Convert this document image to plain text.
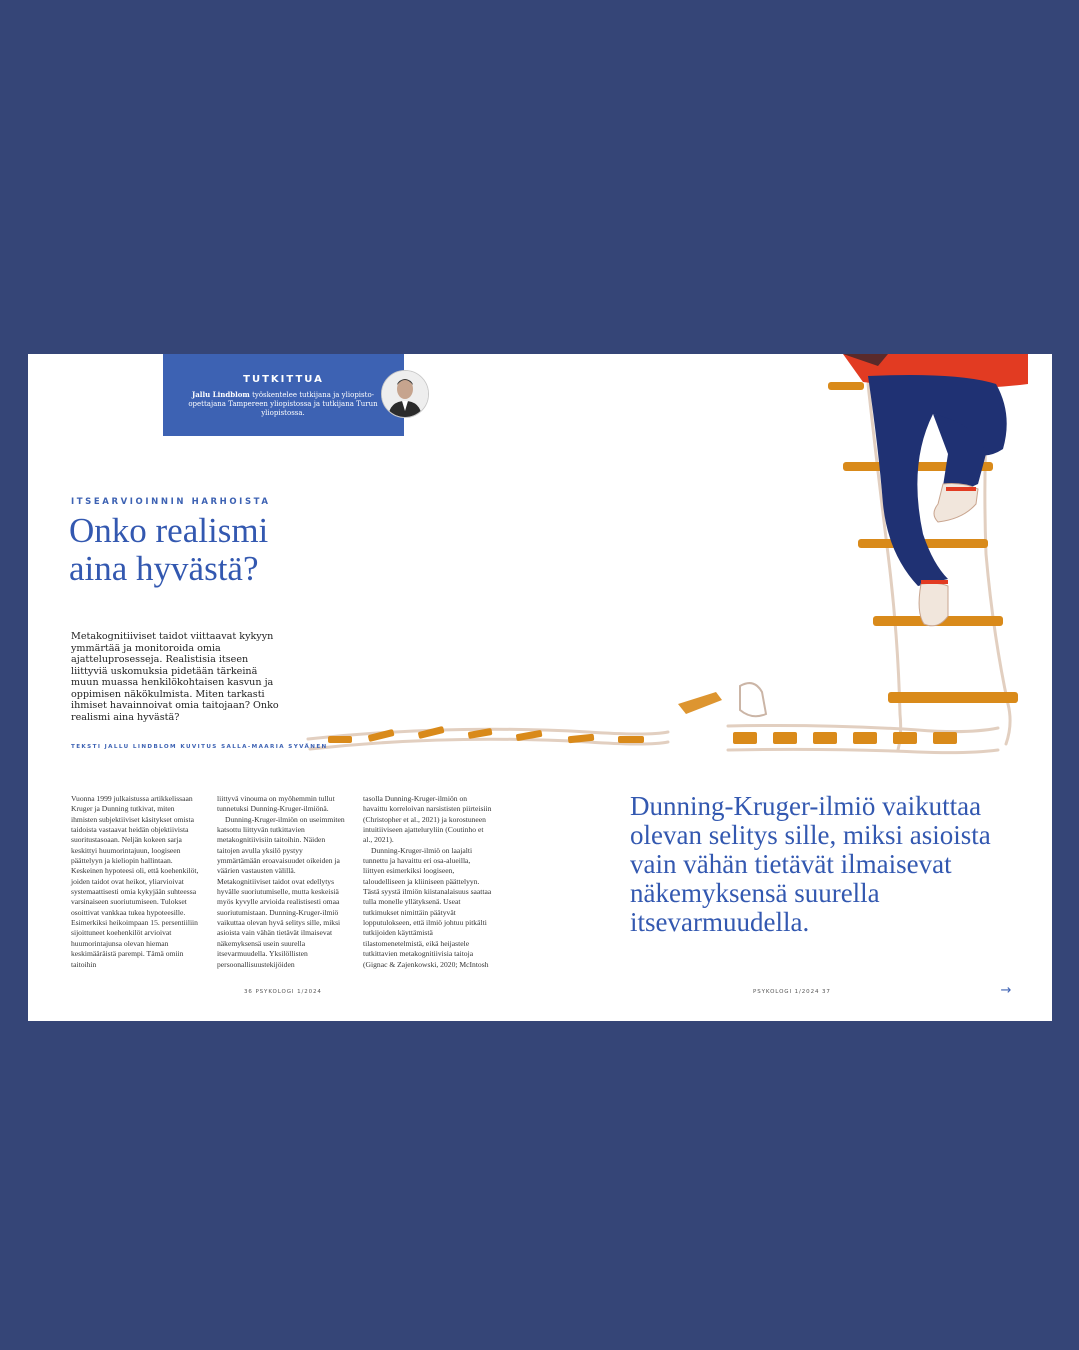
TUTKITTUA
Jallu Lindblom työskentelee tutkijana ja yliopisto-opettajana Tampereen yliopistossa ja tutkijana Turun yliopistossa.
ITSEARVIOINNIN HARHOISTA
Onko realismi
aina hyvästä?
Metakognitiiviset taidot viittaavat kykyyn ymmärtää ja monitoroida omia ajatteluprosesseja. Realistisia itseen liittyviä uskomuksia pidetään tärkeinä muun muassa henkilökohtaisen kasvun ja oppimisen näkökulmista. Miten tarkasti ihmiset havainnoivat omia taitojaan? Onko realismi aina hyvästä?
TEKSTI JALLU LINDBLOM KUVITUS SALLA-MAARIA SYVÄNEN

Vuonna 1999 julkaistussa artikkelissaan Kruger ja Dunning tutkivat, miten ihmisten subjektiiviset käsitykset omista taidoista vastaavat heidän objektiivista suoritustasoaan. Neljän kokeen sarja keskittyi huumorintajuun, loogiseen päättelyyn ja kieliopin hallintaan. Keskeinen hypoteesi oli, että koehenkilöt, joiden taidot ovat heikot, yliarvioivat systemaattisesti omia kykyjään suhteessa varsinaiseen suoriutumiseen. Tulokset osoittivat vankkaa tukea hypoteesille. Esimerkiksi heikoimpaan 15. persentiiliin sijoittuneet koehenkilöt arvioivat huumorintajunsa olevan hieman keskimääräistä parempi. Tämä omiin taitoihin

liittyvä vinouma on myöhemmin tullut tunnetuksi Dunning-Kruger-ilmiönä.

Dunning-Kruger-ilmiön on useimmiten katsottu liittyvän tutkittavien metakognitiivisiin taitoihin. Näiden taitojen avulla yksilö pystyy ymmärtämään eroavaisuudet oikeiden ja väärien vastausten välillä. Metakognitiiviset taidot ovat edellytys hyvälle suoriutumiselle, mutta keskeisiä myös kyvylle arvioida realistisesti omaa suoriutumistaan. Dunning-Kruger-ilmiö vaikuttaa olevan hyvä selitys sille, miksi asioista vain vähän tietävät ilmaisevat näkemyksensä usein suurella itsevarmuudella. Yksilöllisten persoonallisuustekijöiden

tasolla Dunning-Kruger-ilmiön on havaittu korreloivan narsististen piirteisiin (Christopher et al., 2021) ja korostuneen intuitiiviseen ajatteluryliin (Coutinho et al., 2021).

Dunning-Kruger-ilmiö on laajalti tunnettu ja havaittu eri osa-alueilla, liittyen esimerkiksi loogiseen, taloudelliseen ja kliiniseen päättelyyn. Tästä syystä ilmiön kiistanalaisuus saattaa tulla monelle yllätyksenä. Useat tutkimukset nimittäin päätyvät lopputulokseen, että ilmiö johtuu pitkälti tutkijoiden käyttämistä tilastomenetelmistä, eikä heijastele tutkittavien metakognitiivisia taitoja (Gignac & Zajenkowski, 2020; McIntosh

Dunning-Kruger-ilmiö vaikuttaa olevan selitys sille, miksi asioista vain vähän tietävät ilmaisevat näkemyksensä suurella itsevarmuudella.
36 PSYKOLOGI 1/2024	PSYKOLOGI 1/2024 37	→
